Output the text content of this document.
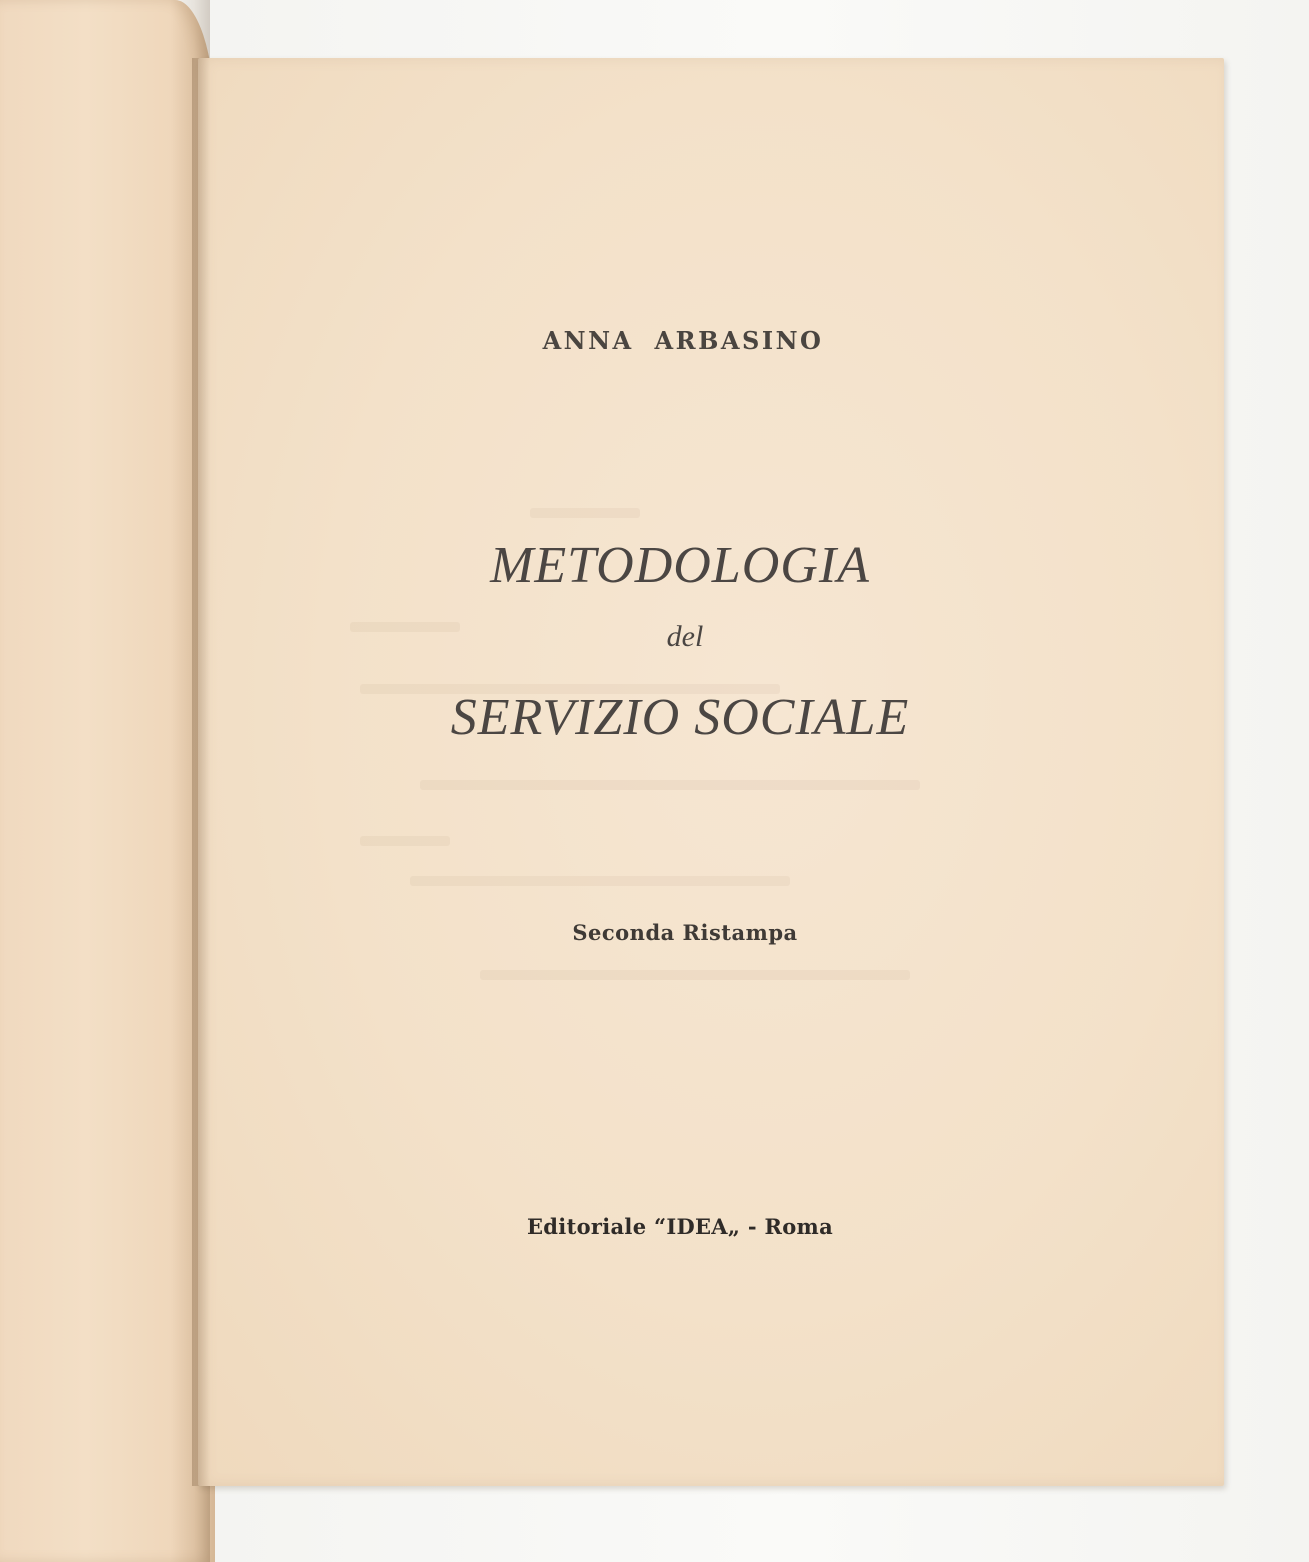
ANNA ARBASINO
METODOLOGIA
del
SERVIZIO SOCIALE
Seconda Ristampa
Editoriale “IDEA„ - Roma
